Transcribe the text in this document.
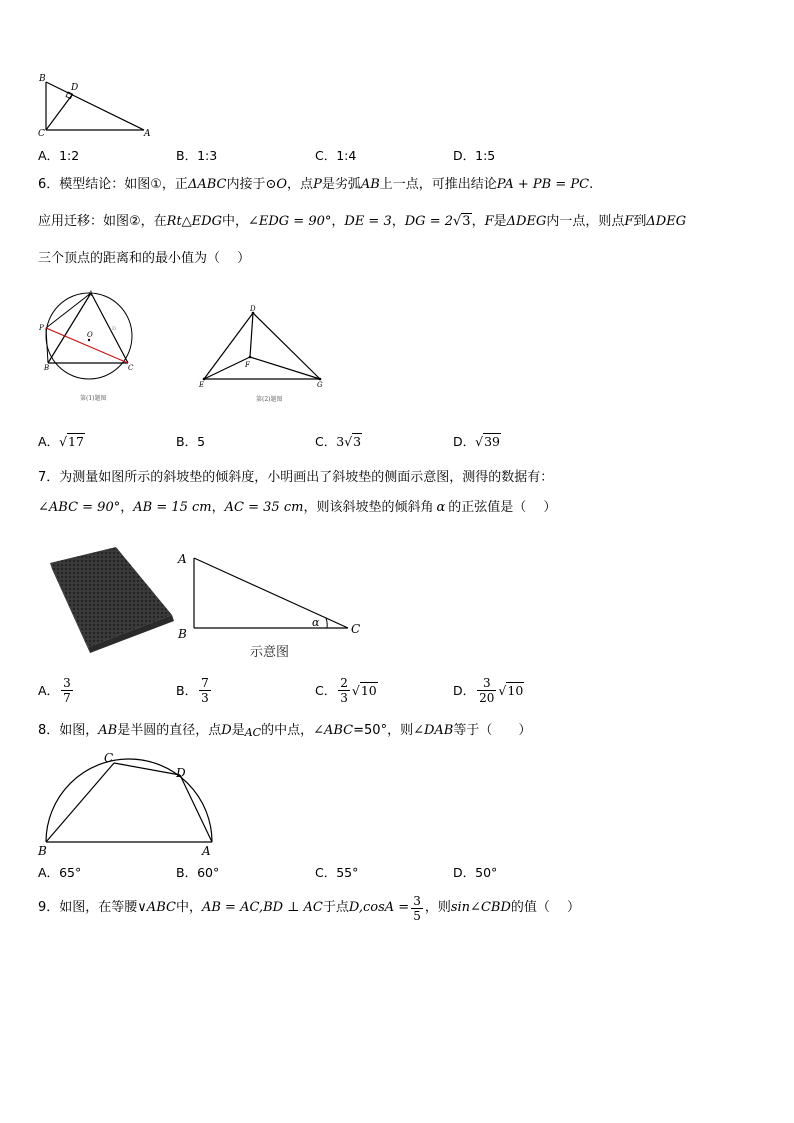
B
D
C	A
A．1:2	B．1:3	C．1:4	D．1:5
6．模型结论：如图①，正ΔABC内接于⊙O，点P是劣弧AB上一点，可推出结论PA + PB = PC.
应用迁移：如图②，在Rt△EDG中，∠EDG = 90°，DE = 3，DG = 2√3，F是ΔDEG内一点，则点F到ΔDEG
三个顶点的距离和的最小值为（　 ）
A
P
O
D
B	C
第(1)题图
D
F
E	G
第(2)题图
A．√17	B．5	C．3√3	D．√39
7．为测量如图所示的斜坡垫的倾斜度，小明画出了斜坡垫的侧面示意图，测得的数据有：
∠ABC = 90°，AB = 15 cm，AC = 35 cm，则该斜坡垫的倾斜角 α 的正弦值是（　 ）
A
B	C
α
示意图
A． $\frac{3}{7}$	B． $\frac{7}{3}$	C． $\frac{2}{3} √10$	D． $\frac{3}{20} √10$
8．如图，AB是半圆的直径，点D是AC的中点，∠ABC=50°，则∠DAB等于（　　）
C
D
B	A
A．65°	B．60°	C．55°	D．50°
9． 如图，在等腰 ∨ABC 中， AB = AC,BD ⊥ AC 于点 D, $\cos A = \frac{3}{5}$ ，则 sin∠CBD 的值（　 ）
